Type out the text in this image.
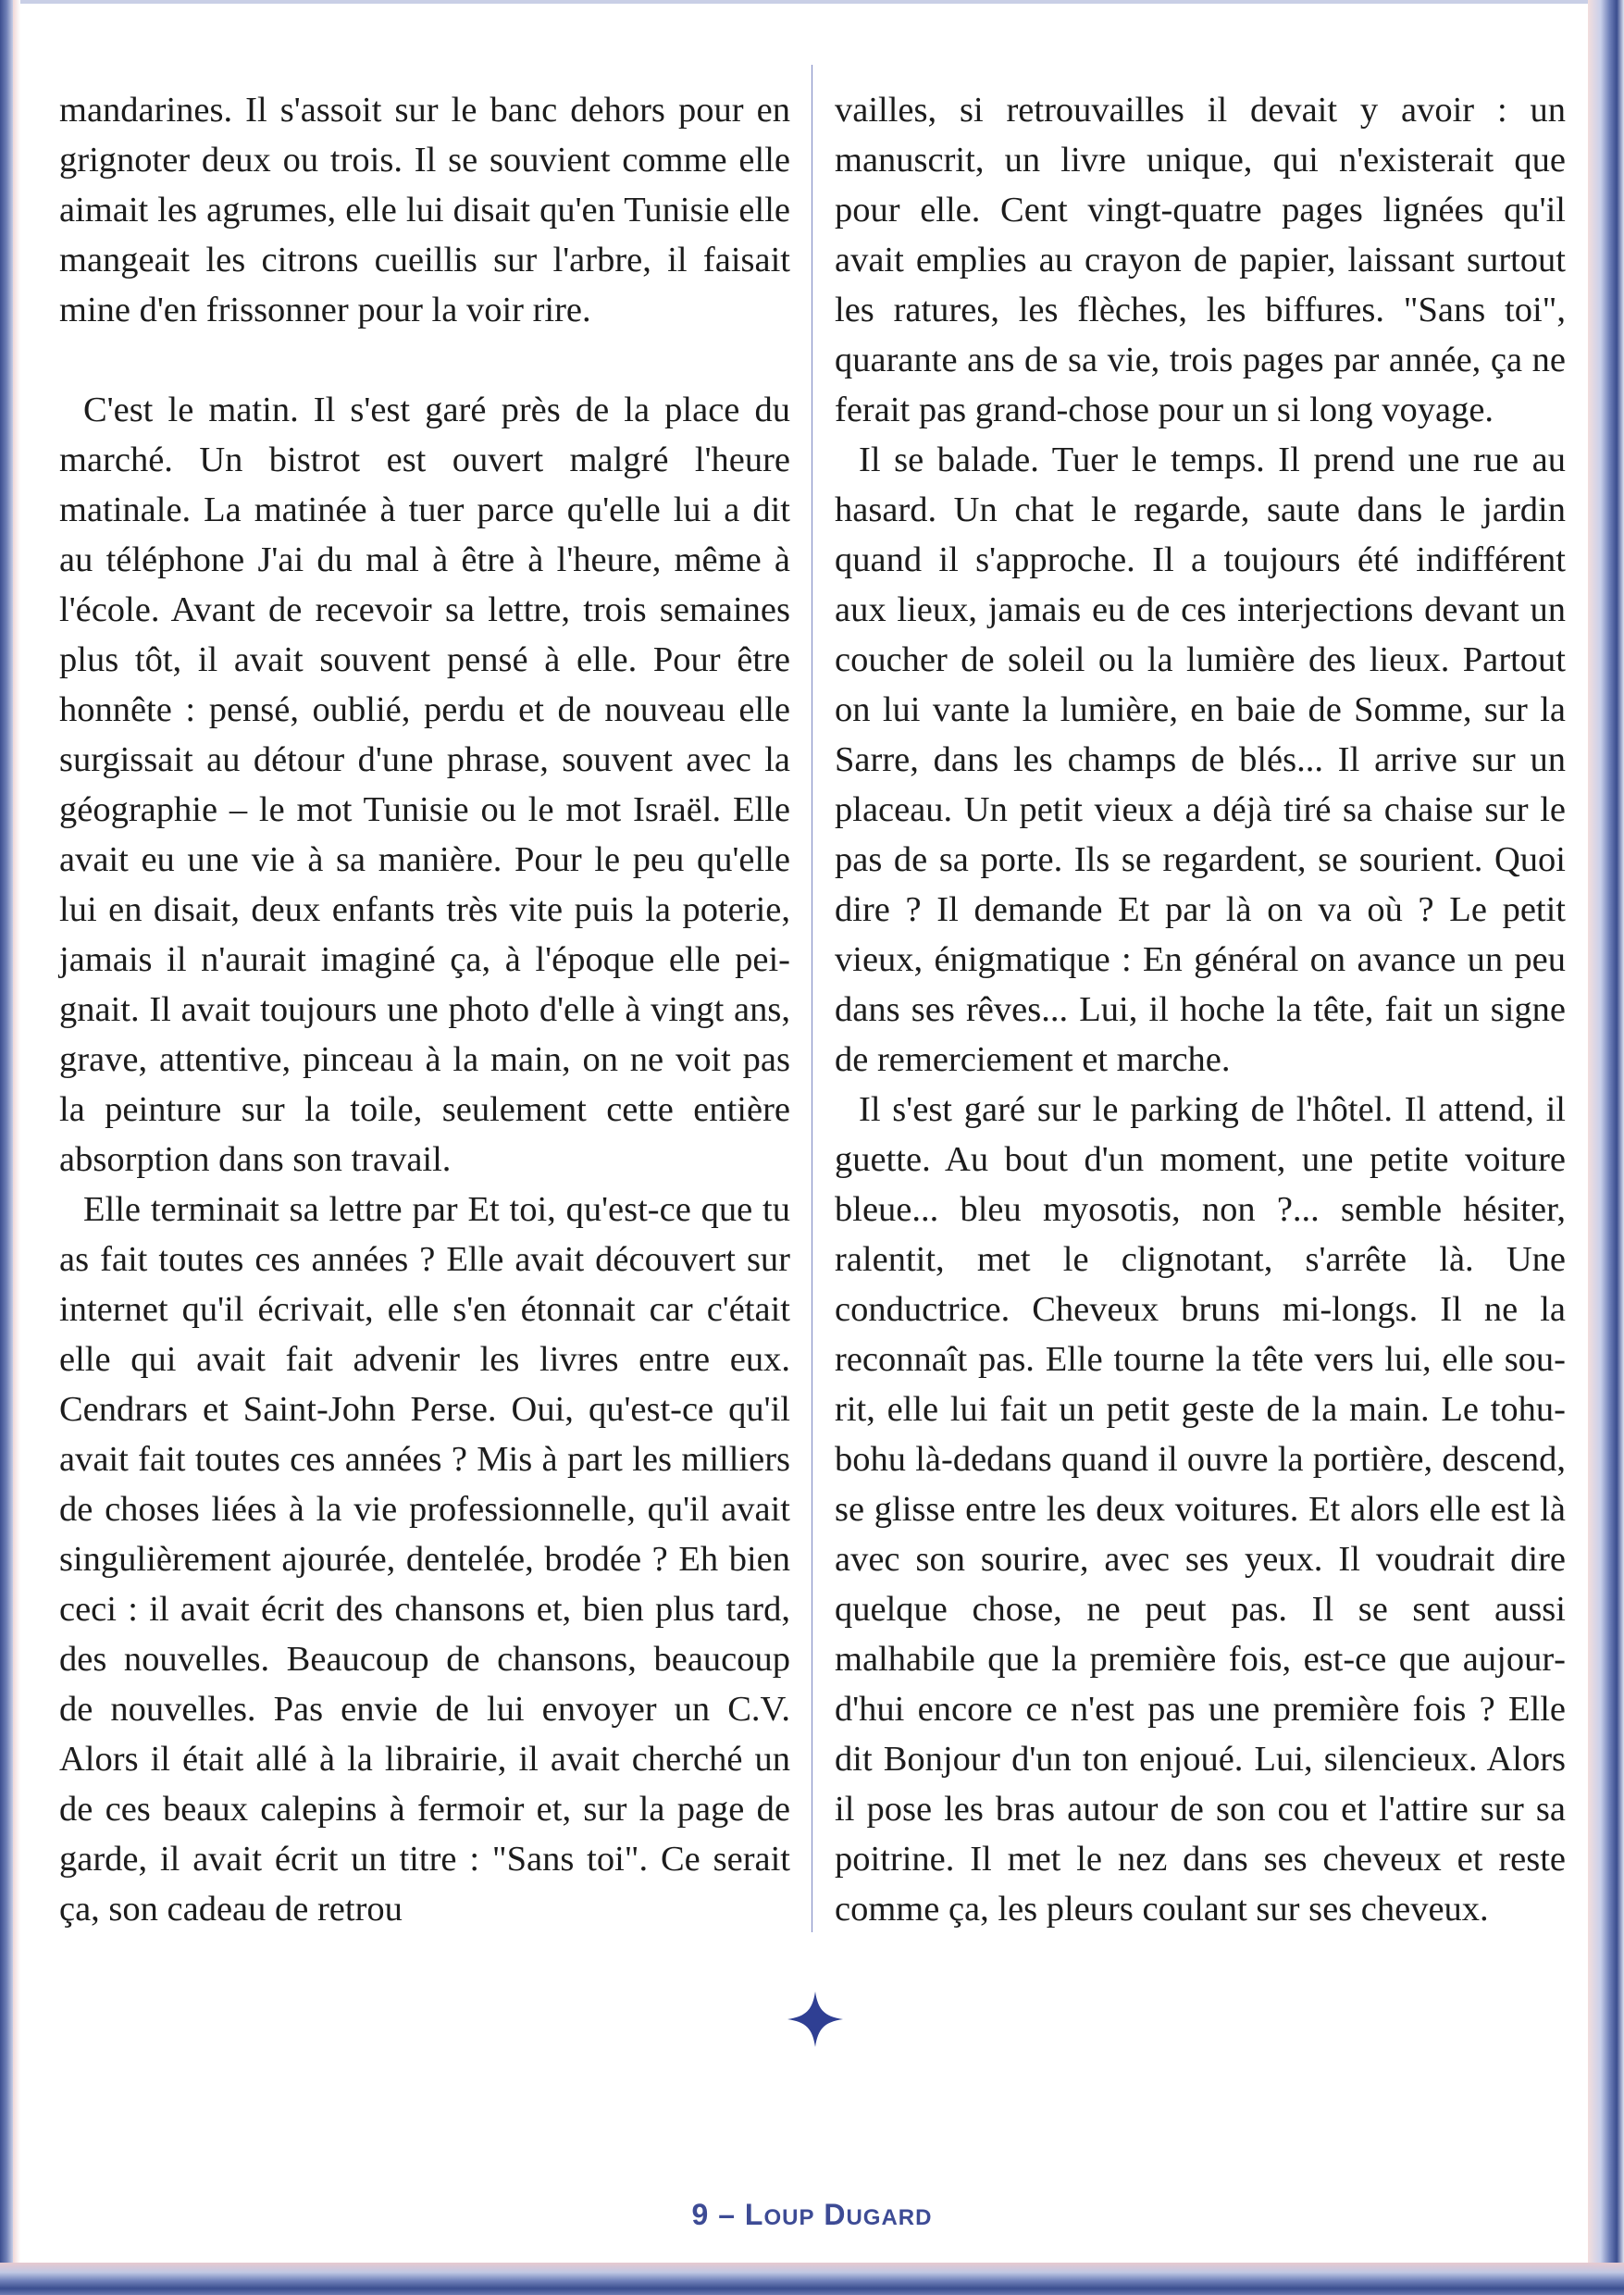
mandarines. Il s'assoit sur le banc dehors pour en grignoter deux ou trois. Il se souvient comme elle aimait les agrumes, elle lui disait qu'en Tunisie elle mangeait les citrons cueillis sur l'arbre, il faisait mine d'en frissonner pour la voir rire.

C'est le matin. Il s'est garé près de la place du marché. Un bistrot est ouvert malgré l'heure matinale. La matinée à tuer parce qu'elle lui a dit au téléphone J'ai du mal à être à l'heure, même à l'école. Avant de recevoir sa lettre, trois semaines plus tôt, il avait souvent pensé à elle. Pour être honnête : pensé, oublié, perdu et de nouveau elle surgissait au détour d'une phrase, souvent avec la géographie – le mot Tunisie ou le mot Israël. Elle avait eu une vie à sa manière. Pour le peu qu'elle lui en disait, deux enfants très vite puis la poterie, jamais il n'aurait imaginé ça, à l'époque elle peignait. Il avait toujours une photo d'elle à vingt ans, grave, attentive, pinceau à la main, on ne voit pas la peinture sur la toile, seulement cette entière absorption dans son travail.

Elle terminait sa lettre par Et toi, qu'est-ce que tu as fait toutes ces années ? Elle avait découvert sur internet qu'il écrivait, elle s'en étonnait car c'était elle qui avait fait advenir les livres entre eux. Cendrars et Saint-John Perse. Oui, qu'est-ce qu'il avait fait toutes ces années ? Mis à part les milliers de choses liées à la vie professionnelle, qu'il avait singulièrement ajourée, dentelée, brodée ? Eh bien ceci : il avait écrit des chansons et, bien plus tard, des nouvelles. Beaucoup de chansons, beaucoup de nouvelles. Pas envie de lui envoyer un C.V. Alors il était allé à la librairie, il avait cherché un de ces beaux calepins à fermoir et, sur la page de garde, il avait écrit un titre : "Sans toi". Ce serait ça, son cadeau de retrou

vailles, si retrouvailles il devait y avoir : un manuscrit, un livre unique, qui n'existerait que pour elle. Cent vingt-quatre pages lignées qu'il avait emplies au crayon de papier, laissant surtout les ratures, les flèches, les biffures. "Sans toi", quarante ans de sa vie, trois pages par année, ça ne ferait pas grand-chose pour un si long voyage.

Il se balade. Tuer le temps. Il prend une rue au hasard. Un chat le regarde, saute dans le jardin quand il s'approche. Il a toujours été indifférent aux lieux, jamais eu de ces interjections devant un coucher de soleil ou la lumière des lieux. Partout on lui vante la lumière, en baie de Somme, sur la Sarre, dans les champs de blés... Il arrive sur un placeau. Un petit vieux a déjà tiré sa chaise sur le pas de sa porte. Ils se regardent, se sourient. Quoi dire ? Il demande Et par là on va où ? Le petit vieux, énigmatique : En général on avance un peu dans ses rêves... Lui, il hoche la tête, fait un signe de remerciement et marche.

Il s'est garé sur le parking de l'hôtel. Il attend, il guette. Au bout d'un moment, une petite voiture bleue... bleu myosotis, non ?... semble hésiter, ralentit, met le clignotant, s'arrête là. Une conductrice. Cheveux bruns mi-longs. Il ne la reconnaît pas. Elle tourne la tête vers lui, elle sourit, elle lui fait un petit geste de la main. Le tohubohu là-dedans quand il ouvre la portière, descend, se glisse entre les deux voitures. Et alors elle est là avec son sourire, avec ses yeux. Il voudrait dire quelque chose, ne peut pas. Il se sent aussi malhabile que la première fois, est-ce que aujourd'hui encore ce n'est pas une première fois ? Elle dit Bonjour d'un ton enjoué. Lui, silencieux. Alors il pose les bras autour de son cou et l'attire sur sa poitrine. Il met le nez dans ses cheveux et reste comme ça, les pleurs coulant sur ses cheveux.

9 – LOUP DUGARD
